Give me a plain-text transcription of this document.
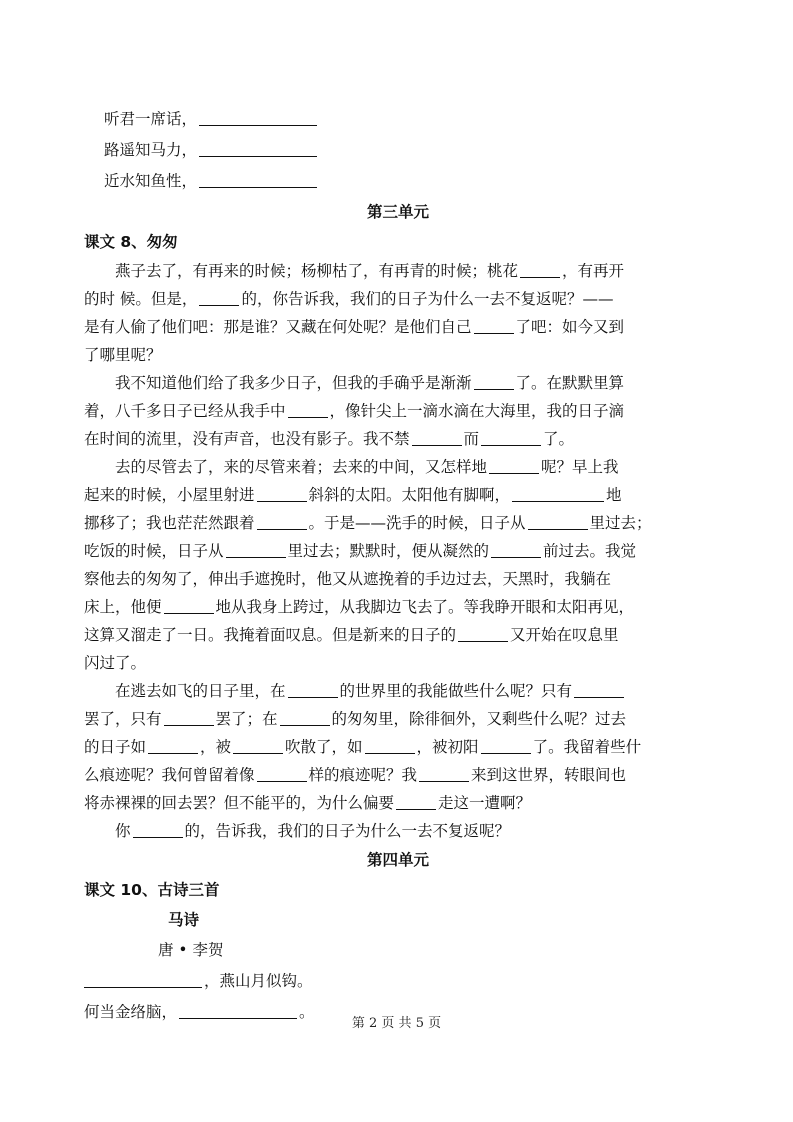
听君一席话，
路遥知马力，
近水知鱼性，
第三单元
课文 8、匆匆
燕子去了，有再来的时候；杨柳枯了，有再青的时候；桃花	，有再开
的时 候。但是，	的，你告诉我，我们的日子为什么一去不复返呢？——
是有人偷了他们吧：那是谁？又藏在何处呢？是他们自己	了吧：如今又到
了哪里呢？
我不知道他们给了我多少日子，但我的手确乎是渐渐	了。在默默里算
着，八千多日子已经从我手中	，像针尖上一滴水滴在大海里，我的日子滴
在时间的流里，没有声音，也没有影子。我不禁	而	了。
去的尽管去了，来的尽管来着；去来的中间，又怎样地	呢？早上我
起来的时候，小屋里射进	斜斜的太阳。太阳他有脚啊，	地
挪移了；我也茫茫然跟着	。于是——洗手的时候，日子从	里过去；
吃饭的时候，日子从	里过去；默默时，便从凝然的	前过去。我觉
察他去的匆匆了，伸出手遮挽时，他又从遮挽着的手边过去，天黑时，我躺在
床上，他便	地从我身上跨过，从我脚边飞去了。等我睁开眼和太阳再见，
这算又溜走了一日。我掩着面叹息。但是新来的日子的	又开始在叹息里
闪过了。
在逃去如飞的日子里，在	的世界里的我能做些什么呢？只有
罢了，只有	罢了；在	的匆匆里，除徘徊外，又剩些什么呢？过去
的日子如	，被	吹散了，如	，被初阳	了。我留着些什
么痕迹呢？我何曾留着像	样的痕迹呢？我	来到这世界，转眼间也
将赤裸裸的回去罢？但不能平的，为什么偏要	走这一遭啊？
你	的，告诉我，我们的日子为什么一去不复返呢？
第四单元
课文 10、古诗三首
马诗
唐 • 李贺
，燕山月似钩。
何当金络脑，	。
第 2 页 共 5 页
